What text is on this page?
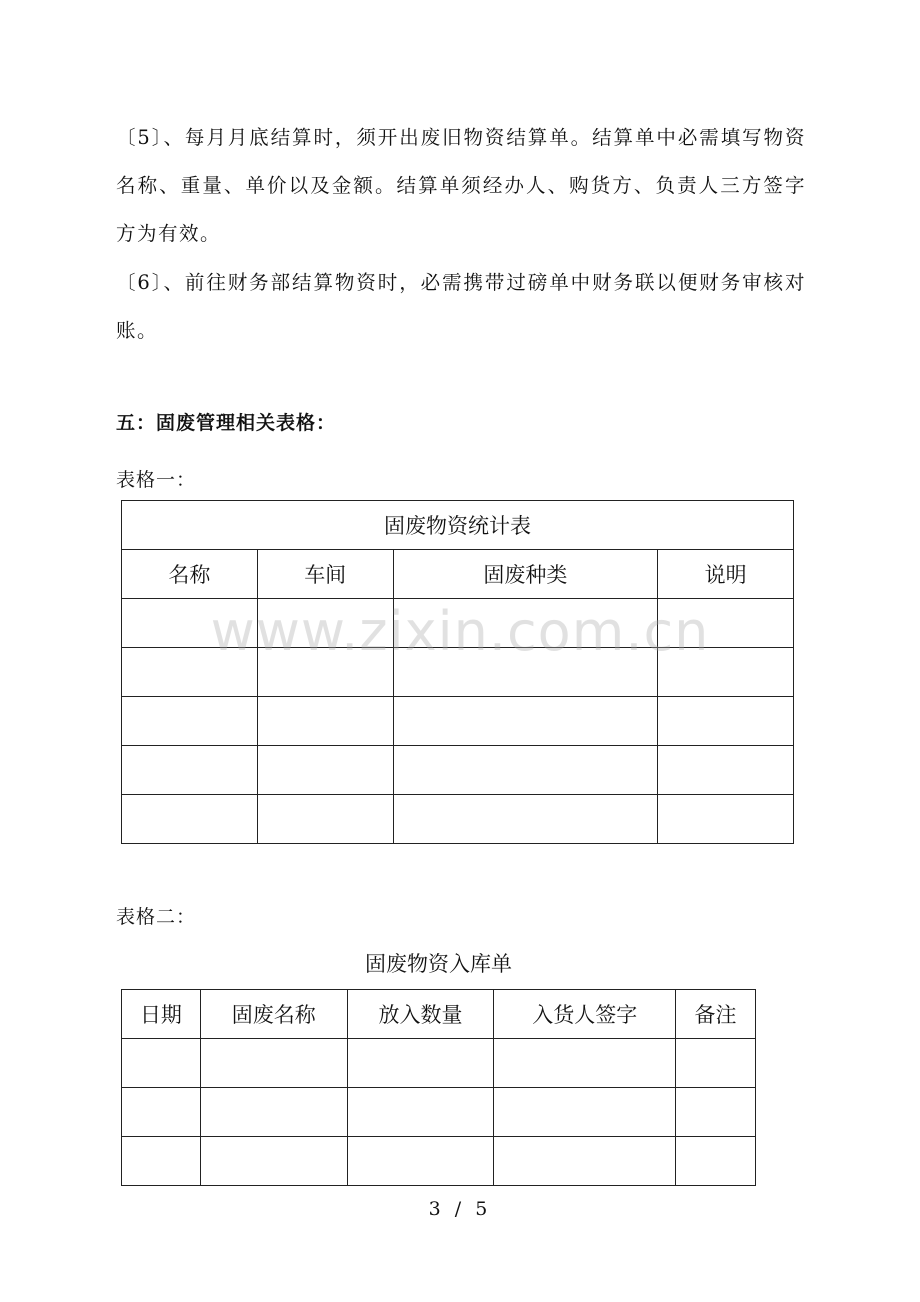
〔5〕、每月月底结算时，须开出废旧物资结算单。结算单中必需填写物资名称、重量、单价以及金额。结算单须经办人、购货方、负责人三方签字方为有效。

〔6〕、前往财务部结算物资时，必需携带过磅单中财务联以便财务审核对账。

五：固废管理相关表格：

表格一：

固废物资统计表			
名称	车间	固废种类	说明

www.zixin.com.cn

表格二：

固废物资入库单

日期	固废名称	放入数量	入货人签字	备注

3 / 5
